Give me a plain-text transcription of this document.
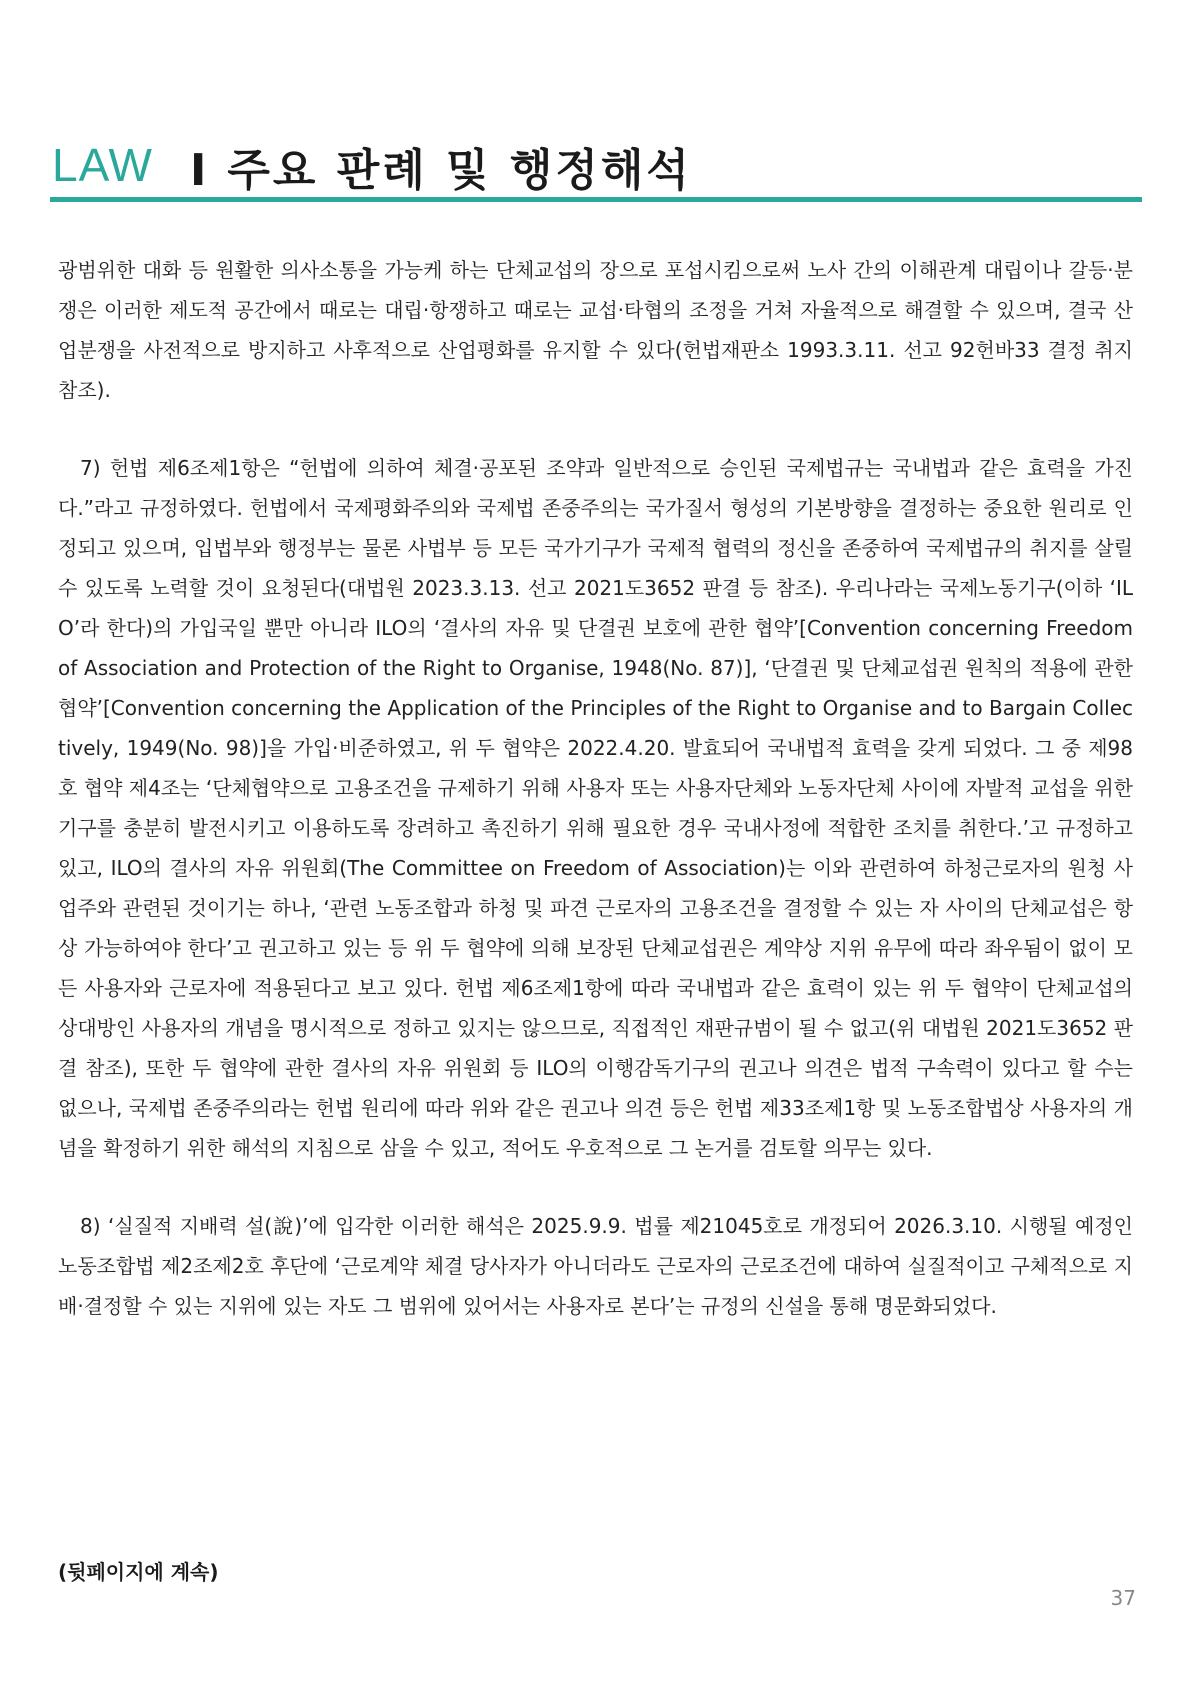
LAW I 주요 판례 및 행정해석

광범위한 대화 등 원활한 의사소통을 가능케 하는 단체교섭의 장으로 포섭시킴으로써 노사 간의 이해관계 대립이나 갈등·분쟁은 이러한 제도적 공간에서 때로는 대립·항쟁하고 때로는 교섭·타협의 조정을 거쳐 자율적으로 해결할 수 있으며, 결국 산업분쟁을 사전적으로 방지하고 사후적으로 산업평화를 유지할 수 있다(헌법재판소 1993.3.11. 선고 92헌바33 결정 취지 참조).

7) 헌법 제6조제1항은 “헌법에 의하여 체결·공포된 조약과 일반적으로 승인된 국제법규는 국내법과 같은 효력을 가진다.”라고 규정하였다. 헌법에서 국제평화주의와 국제법 존중주의는 국가질서 형성의 기본방향을 결정하는 중요한 원리로 인정되고 있으며, 입법부와 행정부는 물론 사법부 등 모든 국가기구가 국제적 협력의 정신을 존중하여 국제법규의 취지를 살릴 수 있도록 노력할 것이 요청된다(대법원 2023.3.13. 선고 2021도3652 판결 등 참조). 우리나라는 국제노동기구(이하 ‘ILO’라 한다)의 가입국일 뿐만 아니라 ILO의 ‘결사의 자유 및 단결권 보호에 관한 협약’[Convention concerning Freedom of Association and Protection of the Right to Organise, 1948(No. 87)], ‘단결권 및 단체교섭권 원칙의 적용에 관한 협약’[Convention concerning the Application of the Principles of the Right to Organise and to Bargain Collectively, 1949(No. 98)]을 가입·비준하였고, 위 두 협약은 2022.4.20. 발효되어 국내법적 효력을 갖게 되었다. 그 중 제98호 협약 제4조는 ‘단체협약으로 고용조건을 규제하기 위해 사용자 또는 사용자단체와 노동자단체 사이에 자발적 교섭을 위한 기구를 충분히 발전시키고 이용하도록 장려하고 촉진하기 위해 필요한 경우 국내사정에 적합한 조치를 취한다.’고 규정하고 있고, ILO의 결사의 자유 위원회(The Committee on Freedom of Association)는 이와 관련하여 하청근로자의 원청 사업주와 관련된 것이기는 하나, ‘관련 노동조합과 하청 및 파견 근로자의 고용조건을 결정할 수 있는 자 사이의 단체교섭은 항상 가능하여야 한다’고 권고하고 있는 등 위 두 협약에 의해 보장된 단체교섭권은 계약상 지위 유무에 따라 좌우됨이 없이 모든 사용자와 근로자에 적용된다고 보고 있다. 헌법 제6조제1항에 따라 국내법과 같은 효력이 있는 위 두 협약이 단체교섭의 상대방인 사용자의 개념을 명시적으로 정하고 있지는 않으므로, 직접적인 재판규범이 될 수 없고(위 대법원 2021도3652 판결 참조), 또한 두 협약에 관한 결사의 자유 위원회 등 ILO의 이행감독기구의 권고나 의견은 법적 구속력이 있다고 할 수는 없으나, 국제법 존중주의라는 헌법 원리에 따라 위와 같은 권고나 의견 등은 헌법 제33조제1항 및 노동조합법상 사용자의 개념을 확정하기 위한 해석의 지침으로 삼을 수 있고, 적어도 우호적으로 그 논거를 검토할 의무는 있다.

8) ‘실질적 지배력 설(說)’에 입각한 이러한 해석은 2025.9.9. 법률 제21045호로 개정되어 2026.3.10. 시행될 예정인 노동조합법 제2조제2호 후단에 ‘근로계약 체결 당사자가 아니더라도 근로자의 근로조건에 대하여 실질적이고 구체적으로 지배·결정할 수 있는 지위에 있는 자도 그 범위에 있어서는 사용자로 본다’는 규정의 신설을 통해 명문화되었다.

(뒷페이지에 계속)
37
